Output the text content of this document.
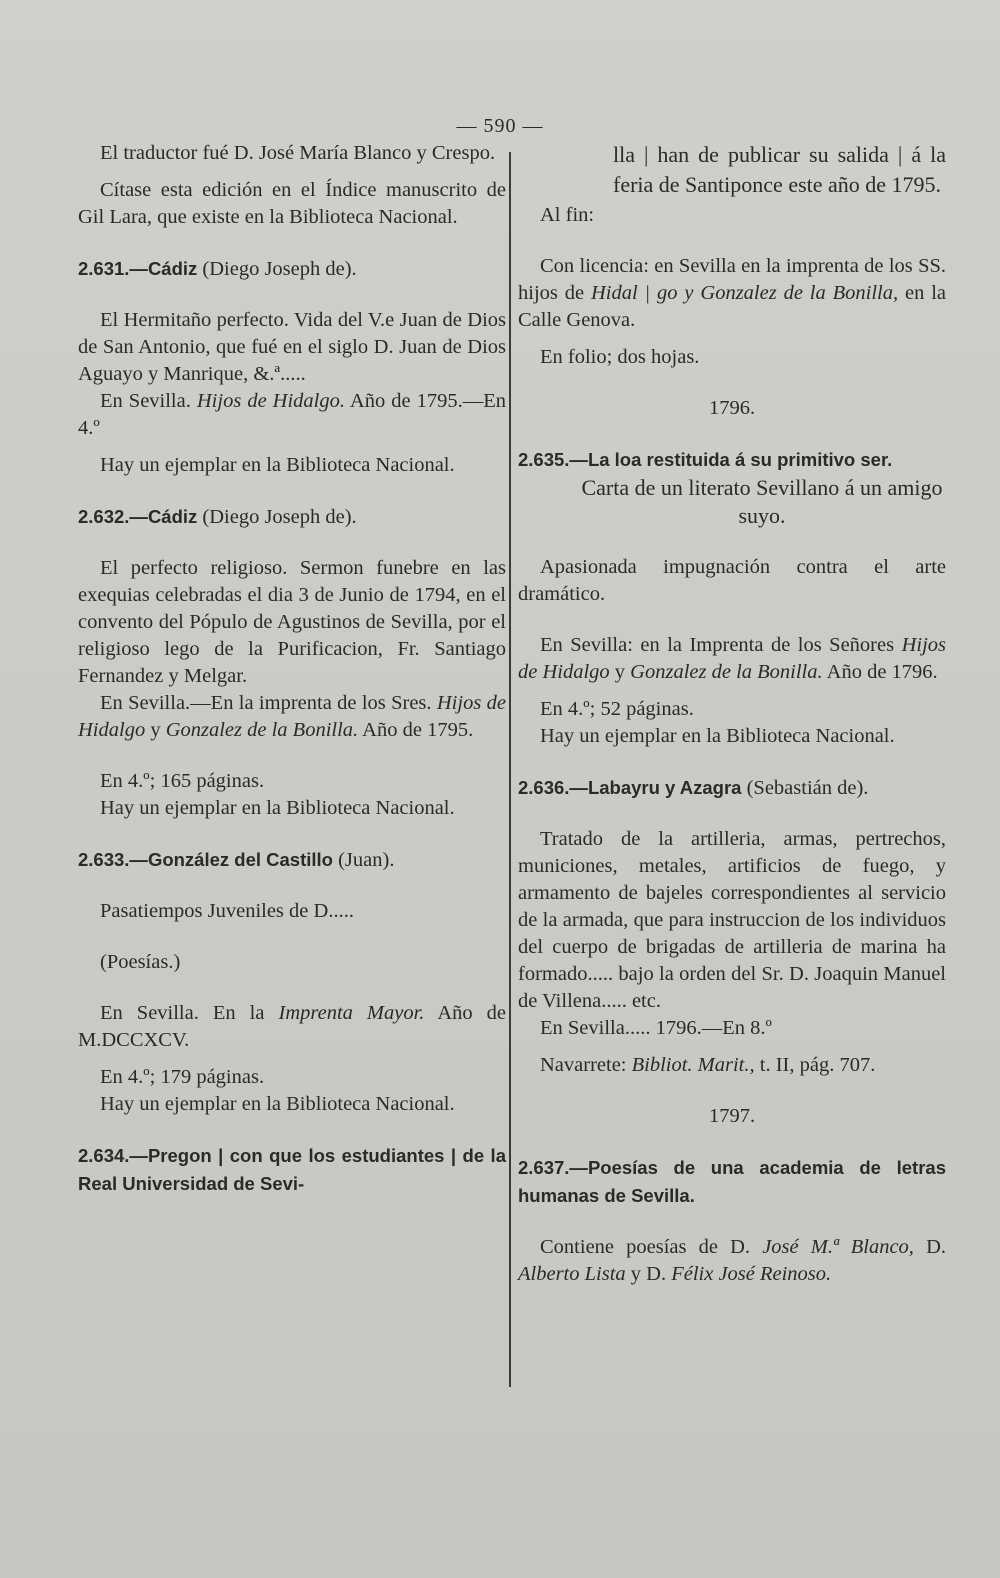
— 590 —

El traductor fué D. José María Blanco y Crespo.

Cítase esta edición en el Índice manuscrito de Gil Lara, que existe en la Biblioteca Nacional.

2.631.—Cádiz (Diego Joseph de).

El Hermitaño perfecto. Vida del V.e Juan de Dios de San Antonio, que fué en el siglo D. Juan de Dios Aguayo y Manrique, &.ª.....

En Sevilla. Hijos de Hidalgo. Año de 1795.—En 4.º

Hay un ejemplar en la Biblioteca Nacional.

2.632.—Cádiz (Diego Joseph de).

El perfecto religioso. Sermon funebre en las exequias celebradas el dia 3 de Junio de 1794, en el convento del Pópulo de Agustinos de Sevilla, por el religioso lego de la Purificacion, Fr. Santiago Fernandez y Melgar.

En Sevilla.—En la imprenta de los Sres. Hijos de Hidalgo y Gonzalez de la Bonilla. Año de 1795.

En 4.º; 165 páginas.

Hay un ejemplar en la Biblioteca Nacional.

2.633.—González del Castillo (Juan).

Pasatiempos Juveniles de D.....

(Poesías.)

En Sevilla. En la Imprenta Mayor. Año de M.DCCXCV.

En 4.º; 179 páginas.

Hay un ejemplar en la Biblioteca Nacional.

2.634.—Pregon | con que los estudiantes | de la Real Universidad de Sevi-

lla | han de publicar su salida | á la feria de Santiponce este año de 1795.

Al fin:

Con licencia: en Sevilla en la imprenta de los SS. hijos de Hidal | go y Gonzalez de la Bonilla, en la Calle Genova.

En folio; dos hojas.

1796.

2.635.—La loa restituida á su primitivo ser.

Carta de un literato Sevillano á un amigo suyo.

Apasionada impugnación contra el arte dramático.

En Sevilla: en la Imprenta de los Señores Hijos de Hidalgo y Gonzalez de la Bonilla. Año de 1796.

En 4.º; 52 páginas.

Hay un ejemplar en la Biblioteca Nacional.

2.636.—Labayru y Azagra (Sebastián de).

Tratado de la artilleria, armas, pertrechos, municiones, metales, artificios de fuego, y armamento de bajeles correspondientes al servicio de la armada, que para instruccion de los individuos del cuerpo de brigadas de artilleria de marina ha formado..... bajo la orden del Sr. D. Joaquin Manuel de Villena..... etc.

En Sevilla..... 1796.—En 8.º

Navarrete: Bibliot. Marit., t. II, pág. 707.

1797.

2.637.—Poesías de una academia de letras humanas de Sevilla.

Contiene poesías de D. José M.ª Blanco, D. Alberto Lista y D. Félix José Reinoso.
